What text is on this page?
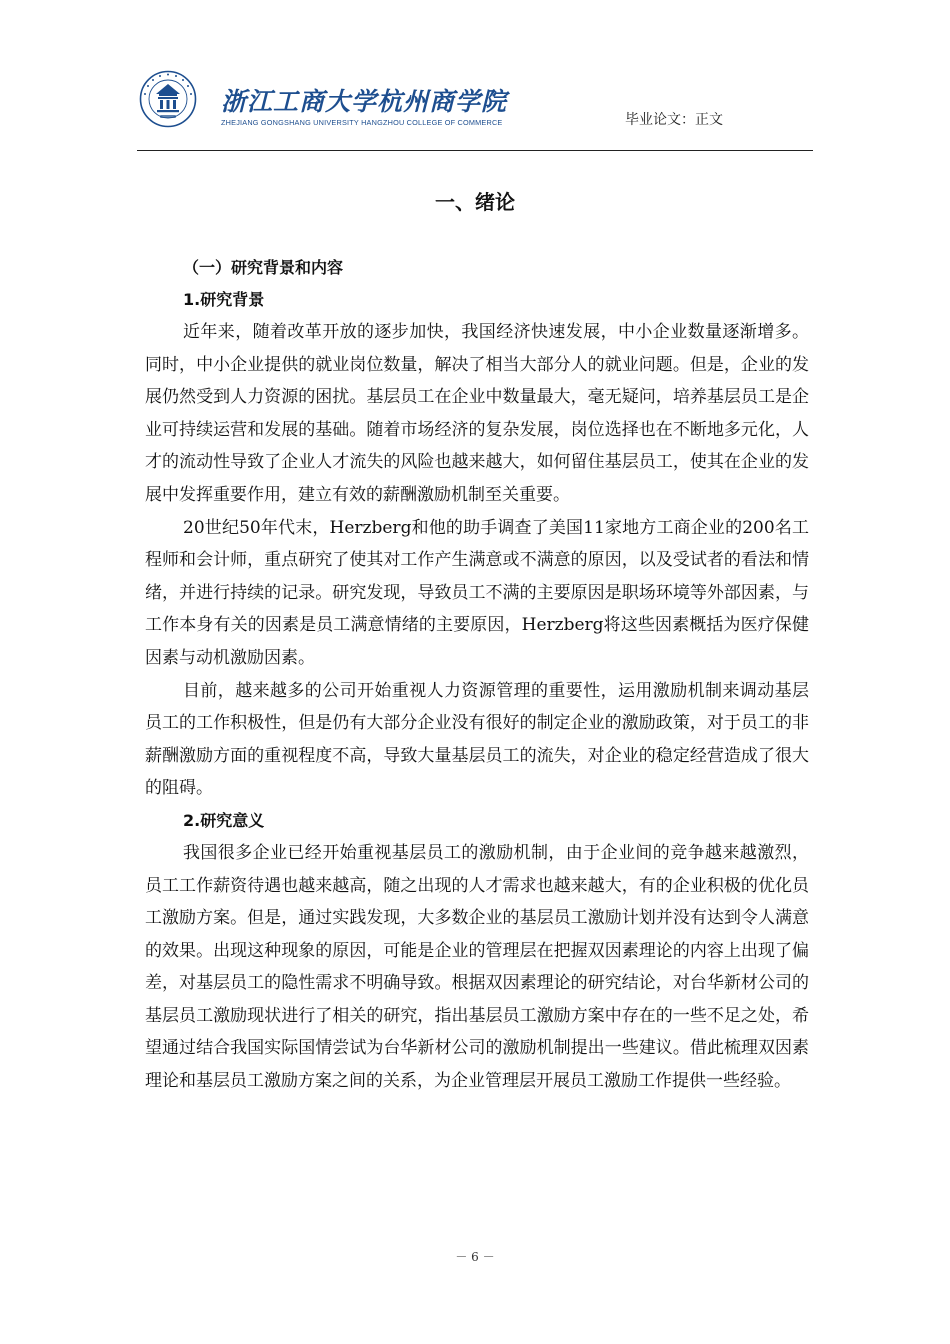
浙江工商大学杭州商学院
ZHEJIANG GONGSHANG UNIVERSITY HANGZHOU COLLEGE OF COMMERCE	毕业论文：正文
一、绪论
（一）研究背景和内容
1.研究背景

近年来，随着改革开放的逐步加快，我国经济快速发展，中小企业数量逐渐增多。同时，中小企业提供的就业岗位数量，解决了相当大部分人的就业问题。但是，企业的发展仍然受到人力资源的困扰。基层员工在企业中数量最大，毫无疑问，培养基层员工是企业可持续运营和发展的基础。随着市场经济的复杂发展，岗位选择也在不断地多元化，人才的流动性导致了企业人才流失的风险也越来越大，如何留住基层员工，使其在企业的发展中发挥重要作用，建立有效的薪酬激励机制至关重要。

20世纪50年代末，Herzberg和他的助手调查了美国11家地方工商企业的200名工程师和会计师，重点研究了使其对工作产生满意或不满意的原因，以及受试者的看法和情绪，并进行持续的记录。研究发现，导致员工不满的主要原因是职场环境等外部因素，与工作本身有关的因素是员工满意情绪的主要原因，Herzberg将这些因素概括为医疗保健因素与动机激励因素。

目前，越来越多的公司开始重视人力资源管理的重要性，运用激励机制来调动基层员工的工作积极性，但是仍有大部分企业没有很好的制定企业的激励政策，对于员工的非薪酬激励方面的重视程度不高，导致大量基层员工的流失，对企业的稳定经营造成了很大的阻碍。

2.研究意义

我国很多企业已经开始重视基层员工的激励机制，由于企业间的竞争越来越激烈，员工工作薪资待遇也越来越高，随之出现的人才需求也越来越大，有的企业积极的优化员工激励方案。但是，通过实践发现，大多数企业的基层员工激励计划并没有达到令人满意的效果。出现这种现象的原因，可能是企业的管理层在把握双因素理论的内容上出现了偏差，对基层员工的隐性需求不明确导致。根据双因素理论的研究结论，对台华新材公司的基层员工激励现状进行了相关的研究，指出基层员工激励方案中存在的一些不足之处，希望通过结合我国实际国情尝试为台华新材公司的激励机制提出一些建议。借此梳理双因素理论和基层员工激励方案之间的关系，为企业管理层开展员工激励工作提供一些经验。

－ 6 －
